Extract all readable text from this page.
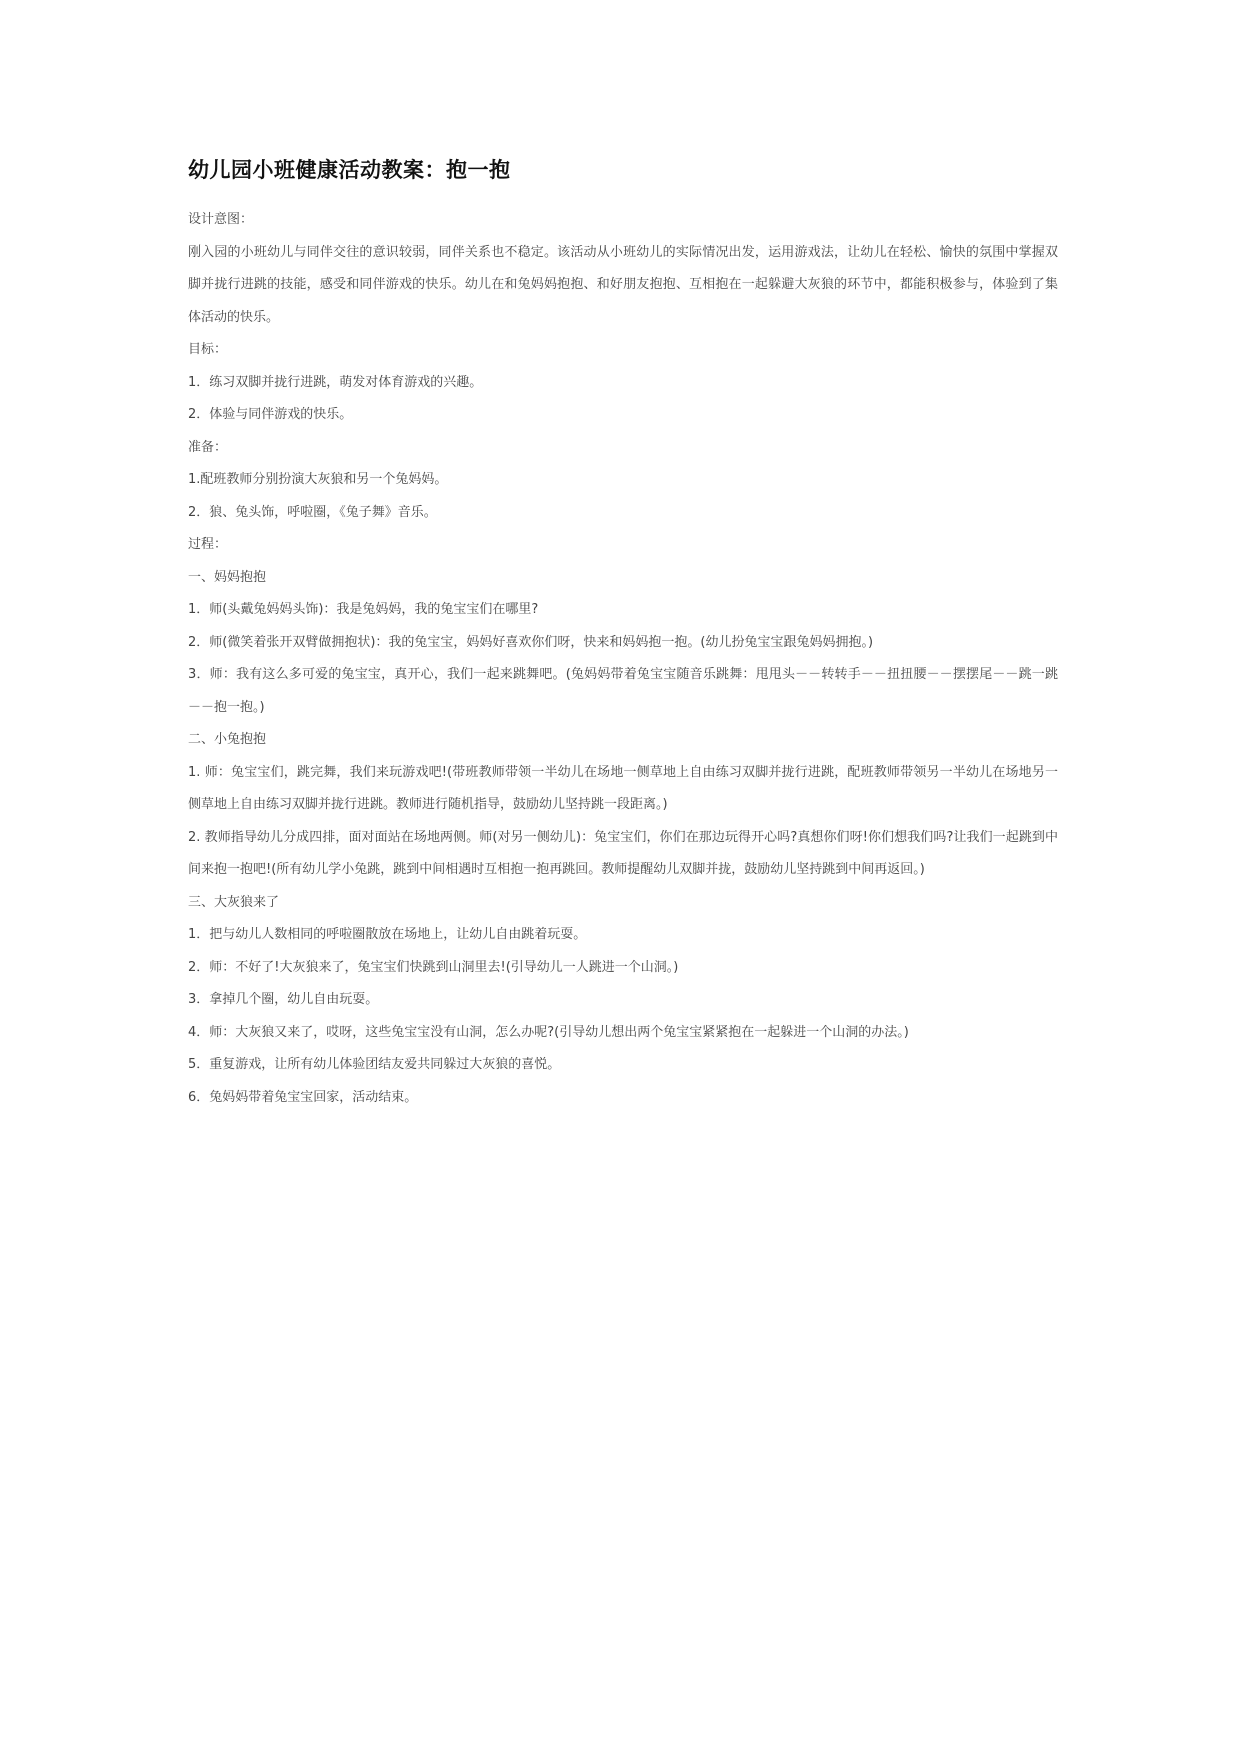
幼儿园小班健康活动教案：抱一抱

设计意图：

刚入园的小班幼儿与同伴交往的意识较弱，同伴关系也不稳定。该活动从小班幼儿的实际情况出发，运用游戏法，让幼儿在轻松、愉快的氛围中掌握双脚并拢行进跳的技能，感受和同伴游戏的快乐。幼儿在和兔妈妈抱抱、和好朋友抱抱、互相抱在一起躲避大灰狼的环节中，都能积极参与，体验到了集体活动的快乐。

目标：

1．练习双脚并拢行进跳，萌发对体育游戏的兴趣。

2．体验与同伴游戏的快乐。

准备：

1.配班教师分别扮演大灰狼和另一个兔妈妈。

2．狼、兔头饰，呼啦圈，《兔子舞》音乐。

过程：

一、妈妈抱抱

1．师(头戴兔妈妈头饰)：我是兔妈妈，我的兔宝宝们在哪里?

2．师(微笑着张开双臂做拥抱状)：我的兔宝宝，妈妈好喜欢你们呀，快来和妈妈抱一抱。(幼儿扮兔宝宝跟兔妈妈拥抱。)

3．师：我有这么多可爱的兔宝宝，真开心，我们一起来跳舞吧。(兔妈妈带着兔宝宝随音乐跳舞：甩甩头－－转转手－－扭扭腰－－摆摆尾－－跳一跳－－抱一抱。)

二、小兔抱抱

1. 师：兔宝宝们，跳完舞，我们来玩游戏吧!(带班教师带领一半幼儿在场地一侧草地上自由练习双脚并拢行进跳，配班教师带领另一半幼儿在场地另一侧草地上自由练习双脚并拢行进跳。教师进行随机指导，鼓励幼儿坚持跳一段距离。)

2. 教师指导幼儿分成四排，面对面站在场地两侧。师(对另一侧幼儿)：兔宝宝们，你们在那边玩得开心吗?真想你们呀!你们想我们吗?让我们一起跳到中间来抱一抱吧!(所有幼儿学小兔跳，跳到中间相遇时互相抱一抱再跳回。教师提醒幼儿双脚并拢，鼓励幼儿坚持跳到中间再返回。)

三、大灰狼来了

1．把与幼儿人数相同的呼啦圈散放在场地上，让幼儿自由跳着玩耍。

2．师：不好了!大灰狼来了，兔宝宝们快跳到山洞里去!(引导幼儿一人跳进一个山洞。)

3．拿掉几个圈，幼儿自由玩耍。

4．师：大灰狼又来了，哎呀，这些兔宝宝没有山洞，怎么办呢?(引导幼儿想出两个兔宝宝紧紧抱在一起躲进一个山洞的办法。)

5．重复游戏，让所有幼儿体验团结友爱共同躲过大灰狼的喜悦。

6．兔妈妈带着兔宝宝回家，活动结束。
